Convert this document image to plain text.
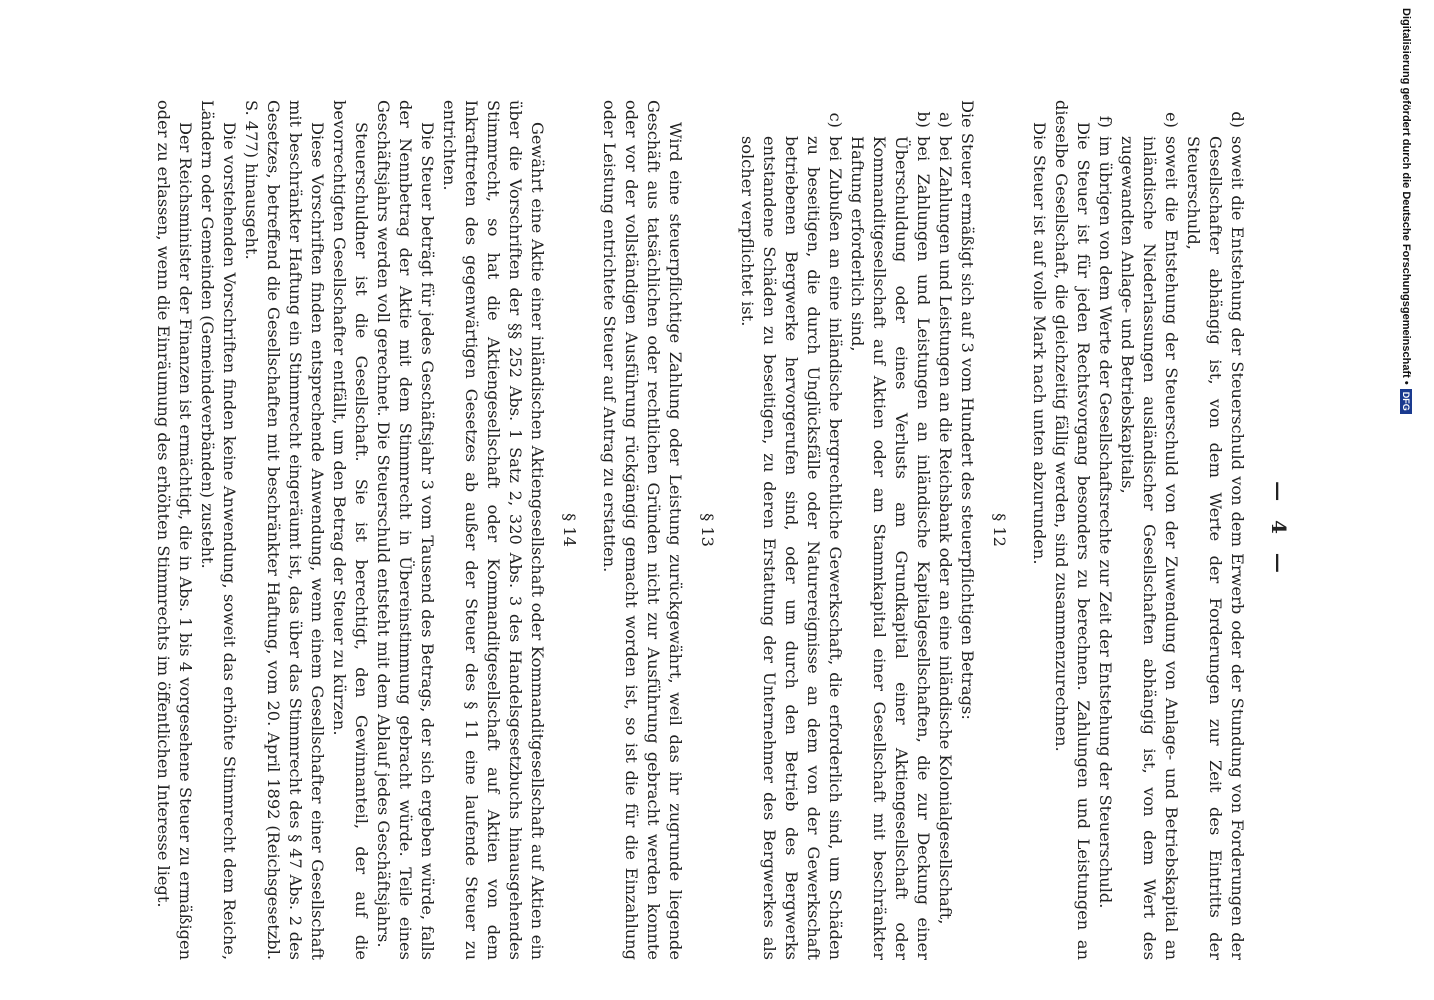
— 4 —
d)
soweit die Entstehung der Steuerschuld von dem Erwerb oder der Stundung von Forderungen der Gesellschafter abhängig ist, von dem Werte der Forderungen zur Zeit des Eintritts der Steuerschuld,
e)
soweit die Entstehung der Steuerschuld von der Zuwendung von Anlage- und Betriebskapital an inländische Niederlassungen ausländischer Gesellschaften abhängig ist, von dem Wert des zugewandten Anlage- und Betriebskapitals,
f)
im übrigen von dem Werte der Gesellschaftsrechte zur Zeit der Entstehung der Steuerschuld.

Die Steuer ist für jeden Rechtsvorgang besonders zu berechnen. Zahlungen und Leistungen an dieselbe Gesellschaft, die gleichzeitig fällig werden, sind zusammenzurechnen.

Die Steuer ist auf volle Mark nach unten abzurunden.

§ 12

Die Steuer ermäßigt sich auf 3 vom Hundert des steuerpflichtigen Betrags:

a)
bei Zahlungen und Leistungen an die Reichsbank oder an eine inländische Kolonialgesellschaft,
b)
bei Zahlungen und Leistungen an inländische Kapitalgesellschaften, die zur Deckung einer Überschuldung oder eines Verlusts am Grundkapital einer Aktiengesellschaft oder Kommanditgesellschaft auf Aktien oder am Stammkapital einer Gesellschaft mit beschränkter Haftung erforderlich sind,
c)
bei Zubußen an eine inländische bergrechtliche Gewerkschaft, die erforderlich sind, um Schäden zu beseitigen, die durch Unglücksfälle oder Naturereignisse an dem von der Gewerkschaft betriebenen Bergwerke hervorgerufen sind, oder um durch den Betrieb des Bergwerks entstandene Schäden zu beseitigen, zu deren Erstattung der Unternehmer des Bergwerkes als solcher verpflichtet ist.
§ 13

Wird eine steuerpflichtige Zahlung oder Leistung zurückgewährt, weil das ihr zugrunde liegende Geschäft aus tatsächlichen oder rechtlichen Gründen nicht zur Ausführung gebracht werden konnte oder vor der vollständigen Ausführung rückgängig gemacht worden ist, so ist die für die Einzahlung oder Leistung entrichtete Steuer auf Antrag zu erstatten.

§ 14

Gewährt eine Aktie einer inländischen Aktiengesellschaft oder Kommanditgesellschaft auf Aktien ein über die Vorschriften der §§ 252 Abs. 1 Satz 2, 320 Abs. 3 des Handelsgesetzbuchs hinausgehendes Stimmrecht, so hat die Aktiengesellschaft oder Kommanditgesellschaft auf Aktien von dem Inkrafttreten des gegenwärtigen Gesetzes ab außer der Steuer des § 11 eine laufende Steuer zu entrichten.

Die Steuer beträgt für jedes Geschäftsjahr 3 vom Tausend des Betrags, der sich ergeben würde, falls der Nennbetrag der Aktie mit dem Stimmrecht in Übereinstimmung gebracht würde. Teile eines Geschäftsjahrs werden voll gerechnet. Die Steuerschuld entsteht mit dem Ablauf jedes Geschäftsjahrs.

Steuerschuldner ist die Gesellschaft. Sie ist berechtigt, den Gewinnanteil, der auf die bevorrechtigten Gesellschafter entfällt, um den Betrag der Steuer zu kürzen.

Diese Vorschriften finden entsprechende Anwendung, wenn einem Gesellschafter einer Gesellschaft mit beschränkter Haftung ein Stimmrecht eingeräumt ist, das über das Stimmrecht des § 47 Abs. 2 des Gesetzes, betreffend die Gesellschaften mit beschränkter Haftung, vom 20. April 1892 (Reichsgesetzbl. S. 477) hinausgeht.

Die vorstehenden Vorschriften finden keine Anwendung, soweit das erhöhte Stimmrecht dem Reiche, Ländern oder Gemeinden (Gemeindeverbänden) zusteht.

Der Reichsminister der Finanzen ist ermächtigt, die in Abs. 1 bis 4 vorgesehene Steuer zu ermäßigen oder zu erlassen, wenn die Einräumung des erhöhten Stimmrechts im öffentlichen Interesse liegt.	Digitalisierung gefördert durch die Deutsche Forschungsgemeinschaft •
DFG
